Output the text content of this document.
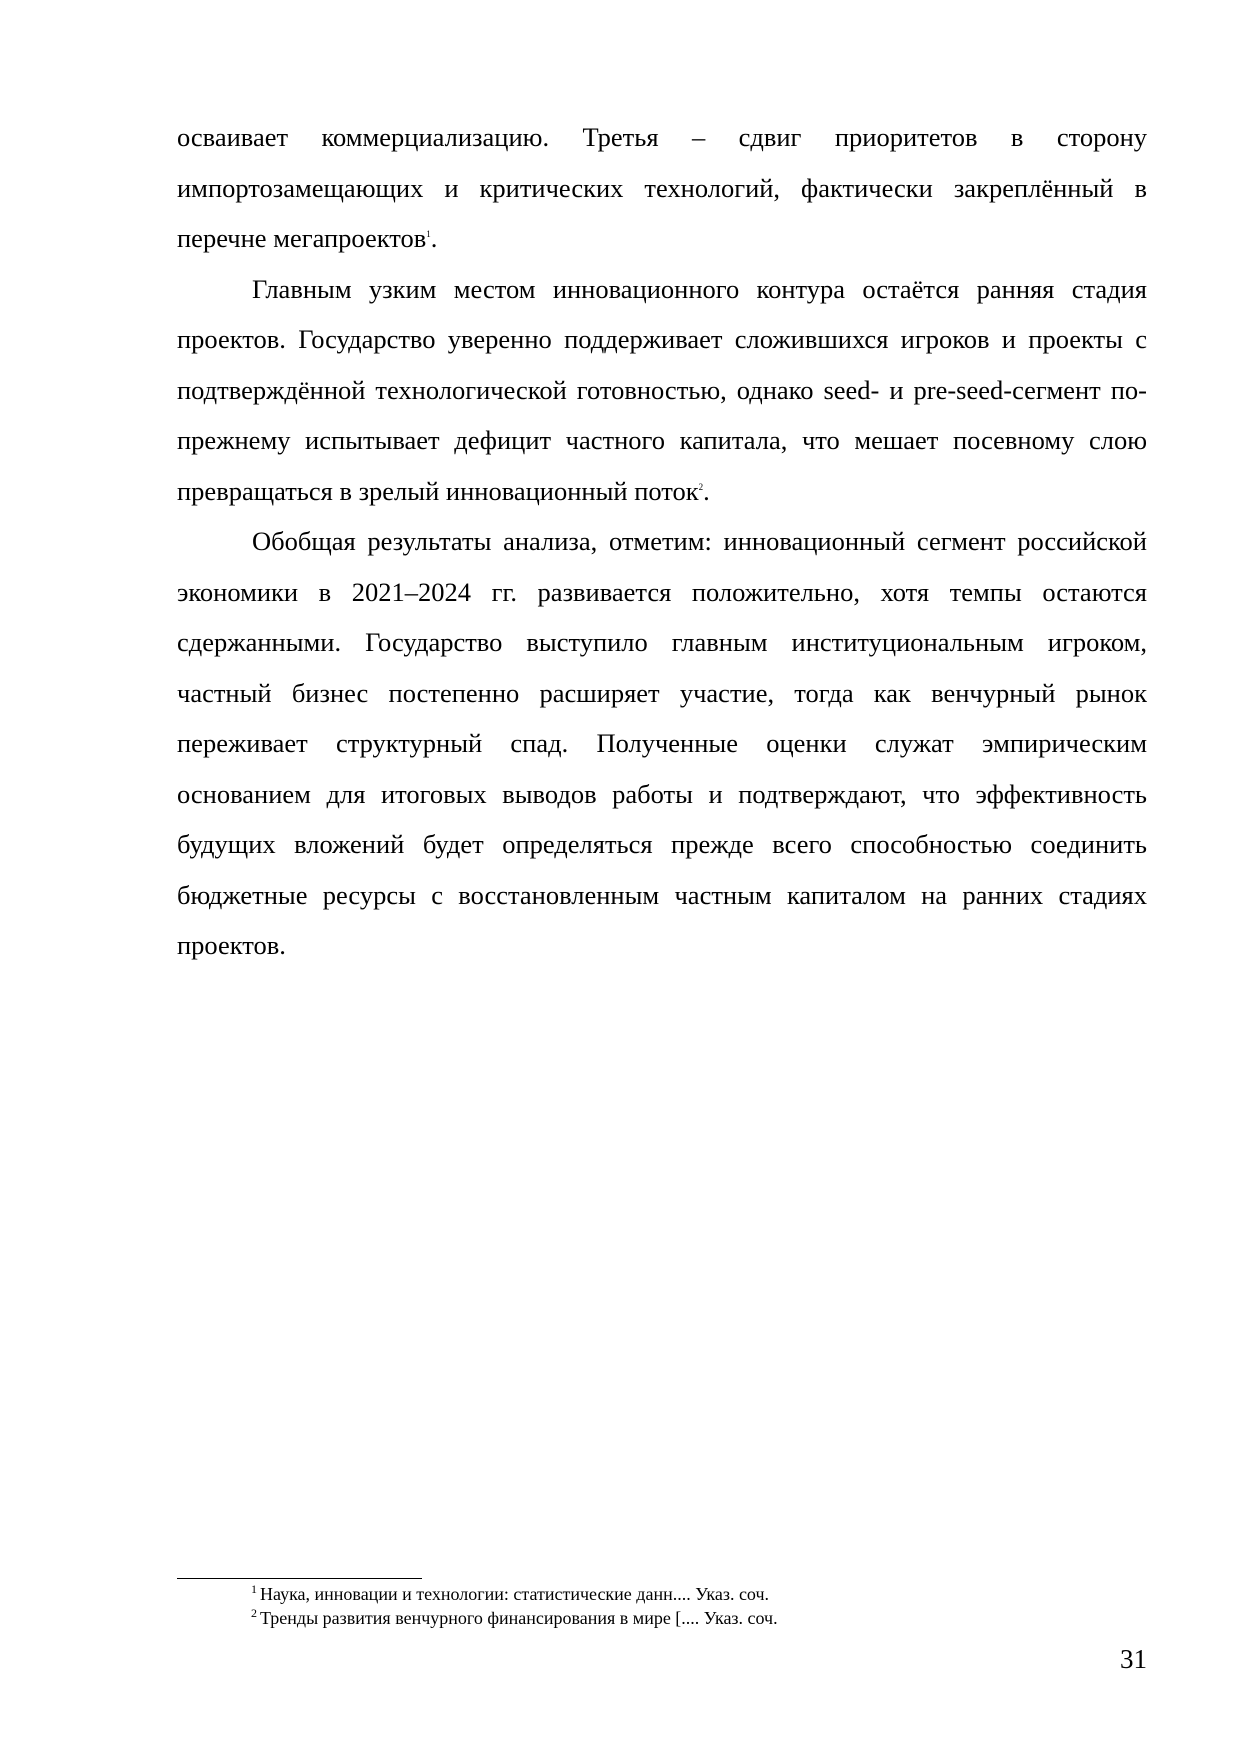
осваивает коммерциализацию. Третья – сдвиг приоритетов в сторону импортозамещающих и критических технологий, фактически закреплённый в перечне мегапроектов$^1$.

Главным узким местом инновационного контура остаётся ранняя стадия проектов. Государство уверенно поддерживает сложившихся игроков и проекты с подтверждённой технологической готовностью, однако seed- и pre-seed-сегмент по-прежнему испытывает дефицит частного капитала, что мешает посевному слою превращаться в зрелый инновационный поток$^2$.

Обобщая результаты анализа, отметим: инновационный сегмент российской экономики в 2021–2024 гг. развивается положительно, хотя темпы остаются сдержанными. Государство выступило главным институциональным игроком, частный бизнес постепенно расширяет участие, тогда как венчурный рынок переживает структурный спад. Полученные оценки служат эмпирическим основанием для итоговых выводов работы и подтверждают, что эффективность будущих вложений будет определяться прежде всего способностью соединить бюджетные ресурсы с восстановленным частным капиталом на ранних стадиях проектов.

$^1$ Наука, инновации и технологии: статистические данн.... Указ. соч.
$^2$ Тренды развития венчурного финансирования в мире [.... Указ. соч.
31
